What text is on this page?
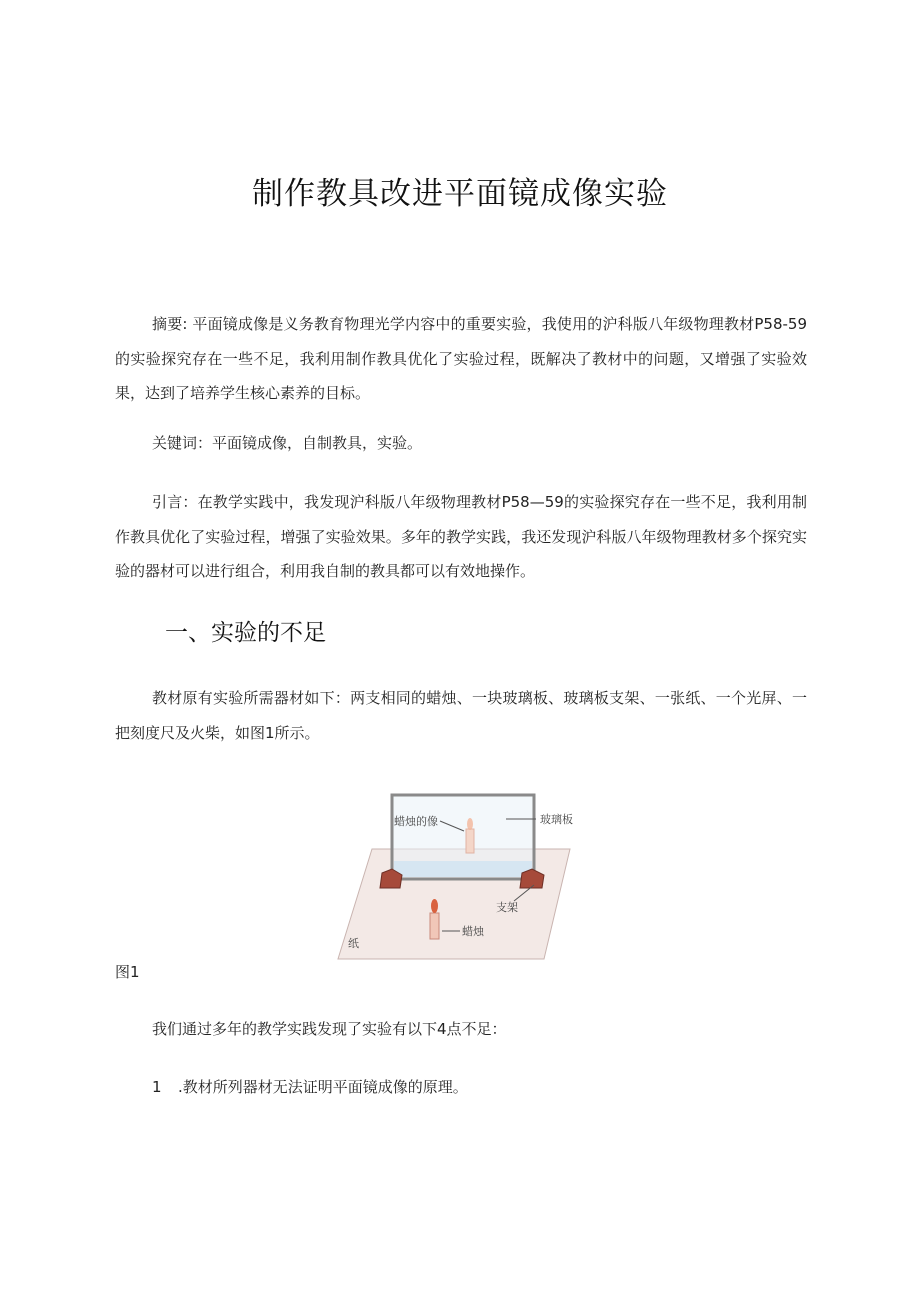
制作教具改进平面镜成像实验

摘要: 平面镜成像是义务教育物理光学内容中的重要实验，我使用的沪科版八年级物理教材P58-59的实验探究存在一些不足，我利用制作教具优化了实验过程，既解决了教材中的问题，又增强了实验效果，达到了培养学生核心素养的目标。

关键词：平面镜成像，自制教具，实验。

引言：在教学实践中，我发现沪科版八年级物理教材P58—59的实验探究存在一些不足，我利用制作教具优化了实验过程，增强了实验效果。多年的教学实践，我还发现沪科版八年级物理教材多个探究实验的器材可以进行组合，利用我自制的教具都可以有效地操作。

一、实验的不足

教材原有实验所需器材如下：两支相同的蜡烛、一块玻璃板、玻璃板支架、一张纸、一个光屏、一把刻度尺及火柴，如图1所示。

蜡烛的像	玻璃板
支架
蜡烛
纸

图1

我们通过多年的教学实践发现了实验有以下4点不足：

1 .教材所列器材无法证明平面镜成像的原理。
